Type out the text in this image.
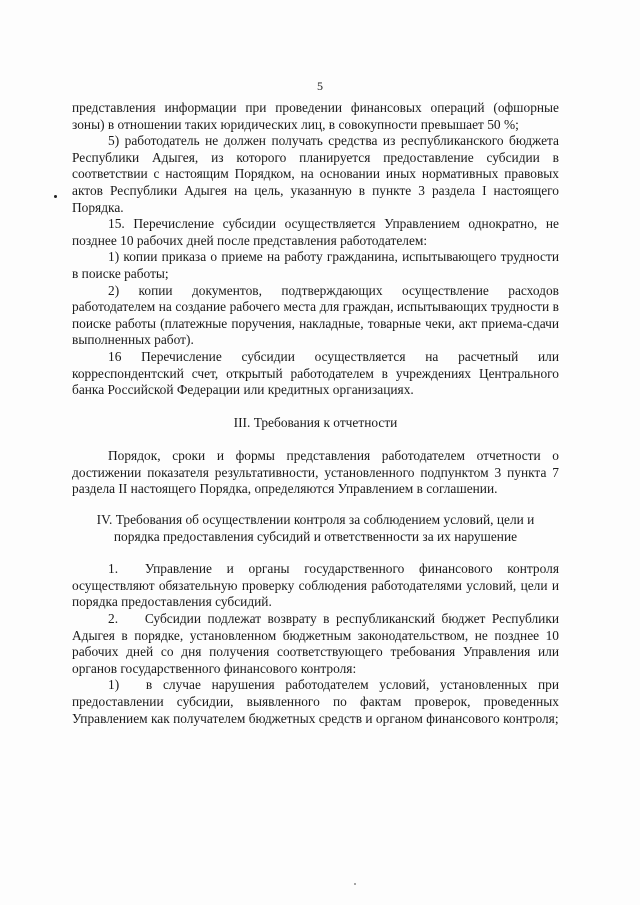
5

представления информации при проведении финансовых операций (офшорные зоны) в отношении таких юридических лиц, в совокупности превышает 50 %;

5) работодатель не должен получать средства из республиканского бюджета Республики Адыгея, из которого планируется предоставление субсидии в соответствии с настоящим Порядком, на основании иных нормативных правовых актов Республики Адыгея на цель, указанную в пункте 3 раздела I настоящего Порядка.

15. Перечисление субсидии осуществляется Управлением однократно, не позднее 10 рабочих дней после представления работодателем:

1) копии приказа о приеме на работу гражданина, испытывающего трудности в поиске работы;

2) копии документов, подтверждающих осуществление расходов работодателем на создание рабочего места для граждан, испытывающих трудности в поиске работы (платежные поручения, накладные, товарные чеки, акт приема-сдачи выполненных работ).

16 Перечисление субсидии осуществляется на расчетный или корреспондентский счет, открытый работодателем в учреждениях Центрального банка Российской Федерации или кредитных организациях.

III. Требования к отчетности

Порядок, сроки и формы представления работодателем отчетности о достижении показателя результативности, установленного подпунктом 3 пункта 7 раздела II настоящего Порядка, определяются Управлением в соглашении.

IV. Требования об осуществлении контроля за соблюдением условий, цели и
порядка предоставления субсидий и ответственности за их нарушение

1.  Управление и органы государственного финансового контроля осуществляют обязательную проверку соблюдения работодателями условий, цели и порядка предоставления субсидий.

2.  Субсидии подлежат возврату в республиканский бюджет Республики Адыгея в порядке, установленном бюджетным законодательством, не позднее 10 рабочих дней со дня получения соответствующего требования Управления или органов государственного финансового контроля:

1)  в случае нарушения работодателем условий, установленных при предоставлении субсидии, выявленного по фактам проверок, проведенных Управлением как получателем бюджетных средств и органом финансового контроля;
